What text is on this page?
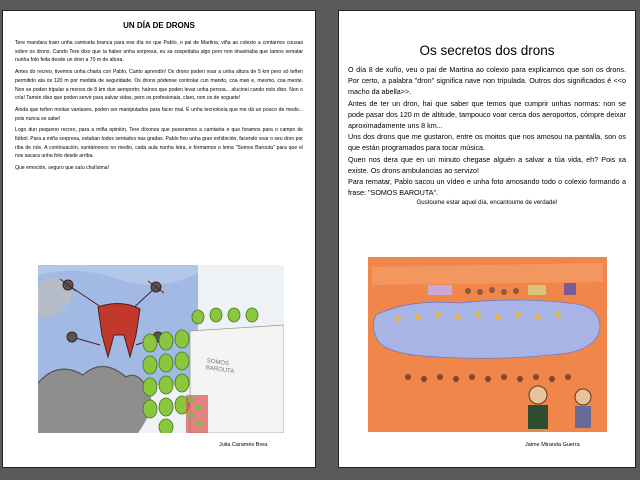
UN DÍA DE DRONS

Tere mandara traer unha camiseta branca para ese día no que Pablo, o pai de Martina, viña ao colexio a contarnos cousas sobre os drons. Cando Tere dixo que ía haber unha sorpresa, eu xa sospeitaba algo pero non imaxinaba que íamos rematar nunha foto feita desde un dron a 70 m de altura.

Antes do recreo, tivemos unha charla con Pablo. Canto aprendín! Os drons poden voar a unha altura de 5 km pero só teñen permitido ata os 120 m por medida de seguridade. Os drons pódense controlar cun mando, coa man e, mesmo, coa mente. Non se poden tripular a menos de 8 km dun aeroporto; haínos que poden levar unha persoa... alucinei cando nolo dixo. Non o cría! Tamén dixo que poden servir para salvar vidas, pero os profesionais, claro, non os de xoguete!

Ainda que teñen moitas vantaxes, poden ser manipulados para facer mal. É unha tecnoloxía que me dá un pouco de medo... pois nunca se sabe!

Logo dun pequeno recreo, para a miña opinión, Tere díxonos que puxeramos a camiseta e que foramos para o campo de fútbol. Para a miña sorpresa, estaban todos sentados nas gradas. Pablo fixo unha gran exhibición, facendo voar o seu dron por riba de nós. A continuación, xuntámonos no medio, cada aula nunha letra, e formamos o lema "Somos Barouta" para que el nos sacara unha foto desde arriba.

Que emoción, seguro que saíu chulísima!

SOMOS BAROUTA
Julia Caramés Brea
Os secretos dos drons

O día 8 de xuño, veu o pai de Martina ao colexio para explicarnos que son os drons. Por certo, a palabra "dron" significa nave non tripulada. Outros dos significados é <<o macho da abella>>.

Antes de ter un dron, hai que saber que temos que cumprir unhas normas: non se pode pasar dos 120 m de altitude, tampouco voar cerca dos aeroportos, cómpre deixar aproximadamente uns 8 km...

Uns dos drons que me gustaron, entre os moitos que nos amosou na pantalla, son os que están programados para tocar música.

Quen nos dera que en un minuto chegase alguén a salvar a túa vida, eh? Pois xa existe. Os drons ambulancias ao servizo!

Para rematar, Pablo sacou un vídeo e unha foto amosando todo o colexio formando a frase: "SOMOS BAROUTA".

Gustoume estar aquel día, encantoume de verdade!

Jaime Miranda Guerra
